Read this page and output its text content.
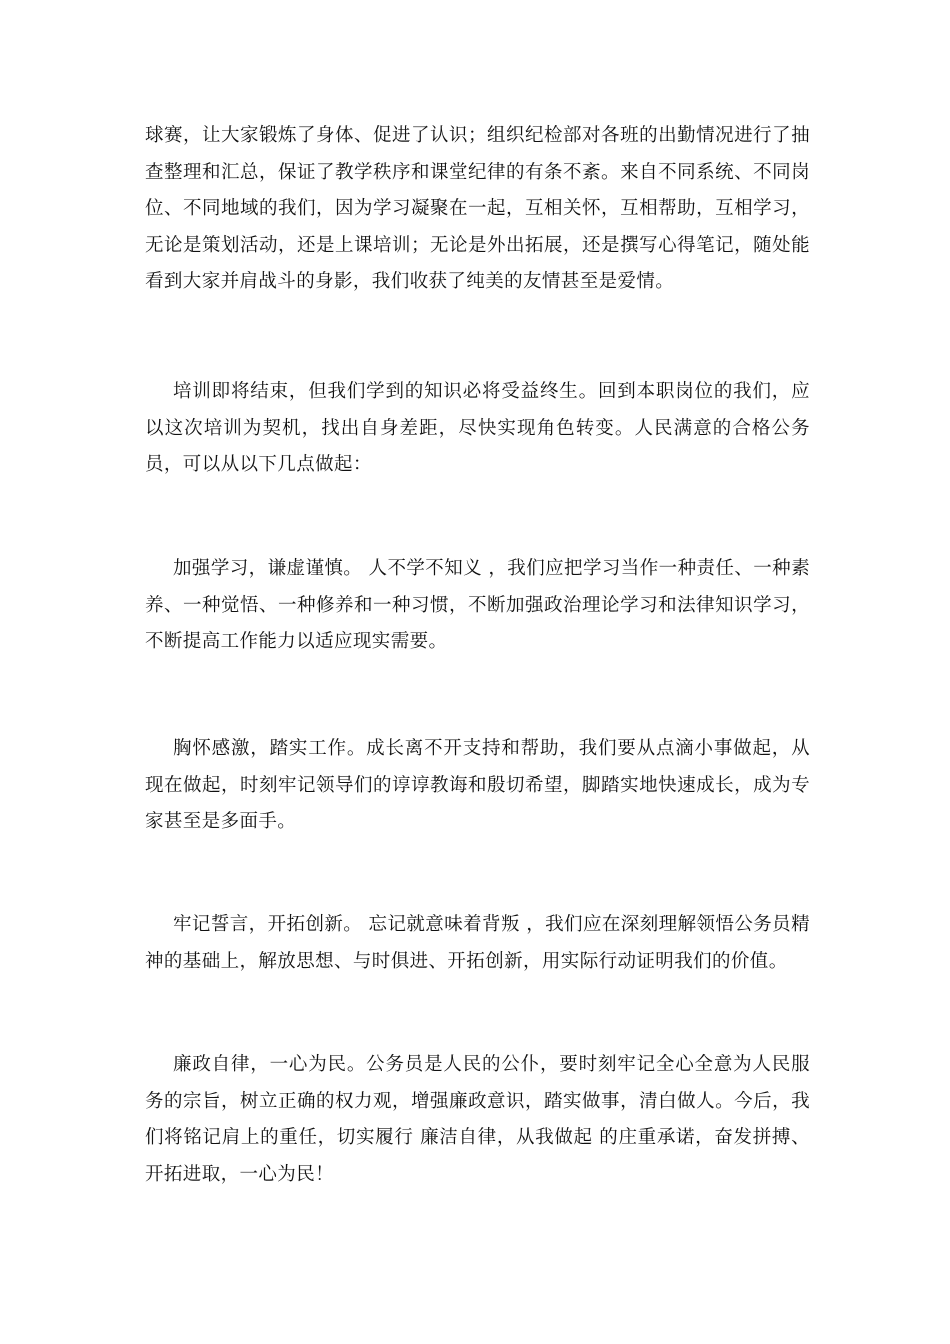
球赛，让大家锻炼了身体、促进了认识；组织纪检部对各班的出勤情况进行了抽查整理和汇总，保证了教学秩序和课堂纪律的有条不紊。来自不同系统、不同岗位、不同地域的我们，因为学习凝聚在一起，互相关怀，互相帮助，互相学习，无论是策划活动，还是上课培训；无论是外出拓展，还是撰写心得笔记，随处能看到大家并肩战斗的身影，我们收获了纯美的友情甚至是爱情。

培训即将结束，但我们学到的知识必将受益终生。回到本职岗位的我们，应以这次培训为契机，找出自身差距，尽快实现角色转变。人民满意的合格公务员，可以从以下几点做起：

加强学习，谦虚谨慎。 人不学不知义 ，我们应把学习当作一种责任、一种素养、一种觉悟、一种修养和一种习惯，不断加强政治理论学习和法律知识学习，不断提高工作能力以适应现实需要。

胸怀感激，踏实工作。成长离不开支持和帮助，我们要从点滴小事做起，从现在做起，时刻牢记领导们的谆谆教诲和殷切希望，脚踏实地快速成长，成为专家甚至是多面手。

牢记誓言，开拓创新。 忘记就意味着背叛 ，我们应在深刻理解领悟公务员精神的基础上，解放思想、与时俱进、开拓创新，用实际行动证明我们的价值。

廉政自律，一心为民。公务员是人民的公仆，要时刻牢记全心全意为人民服务的宗旨，树立正确的权力观，增强廉政意识，踏实做事，清白做人。今后，我们将铭记肩上的重任，切实履行 廉洁自律，从我做起 的庄重承诺，奋发拼搏、开拓进取，一心为民！
